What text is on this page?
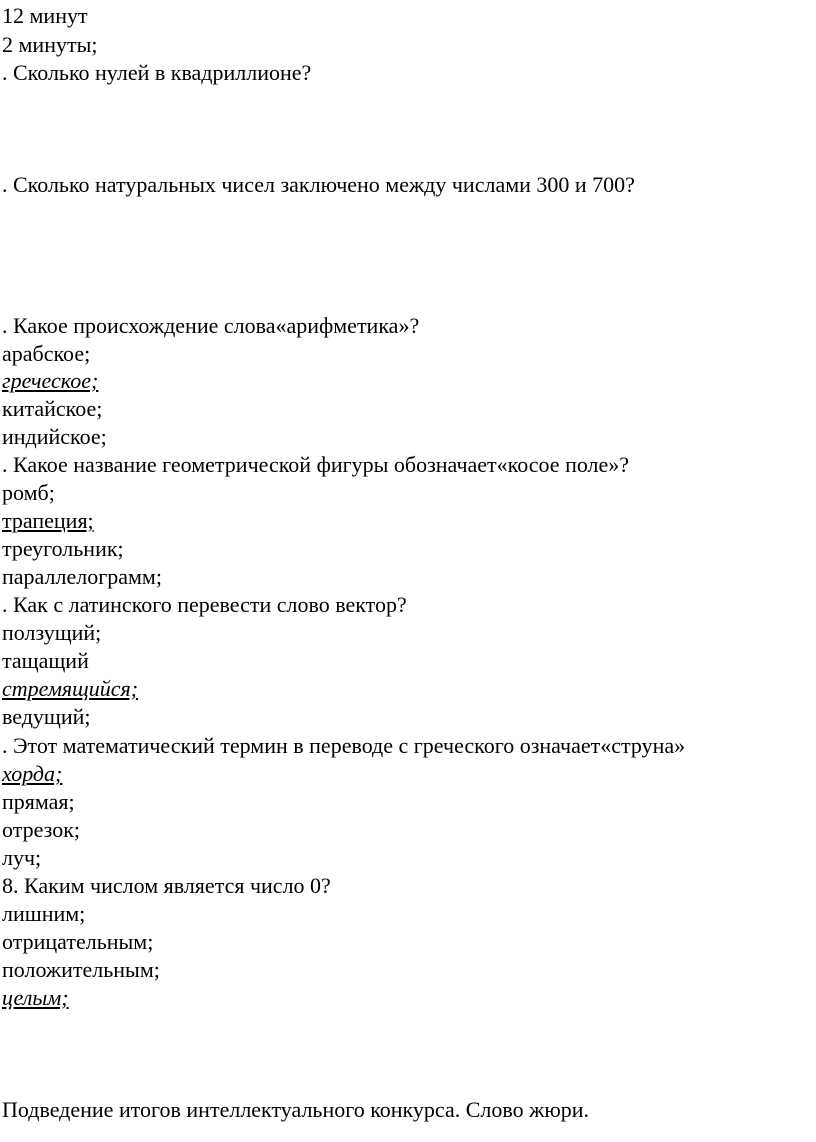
12 минут
2 минуты;
. Сколько нулей в квадриллионе?
. Сколько натуральных чисел заключено между числами 300 и 700?
. Какое происхождение слова«арифметика»?
арабское;
греческое;
китайское;
индийское;
. Какое название геометрической фигуры обозначает«косое поле»?
ромб;
трапеция;
треугольник;
параллелограмм;
. Как с латинского перевести слово вектор?
ползущий;
тащащий
стремящийся;
ведущий;
. Этот математический термин в переводе с греческого означает«струна»
хорда;
прямая;
отрезок;
луч;
8. Каким числом является число 0?
лишним;
отрицательным;
положительным;
целым;
Подведение итогов интеллектуального конкурса. Слово жюри.
